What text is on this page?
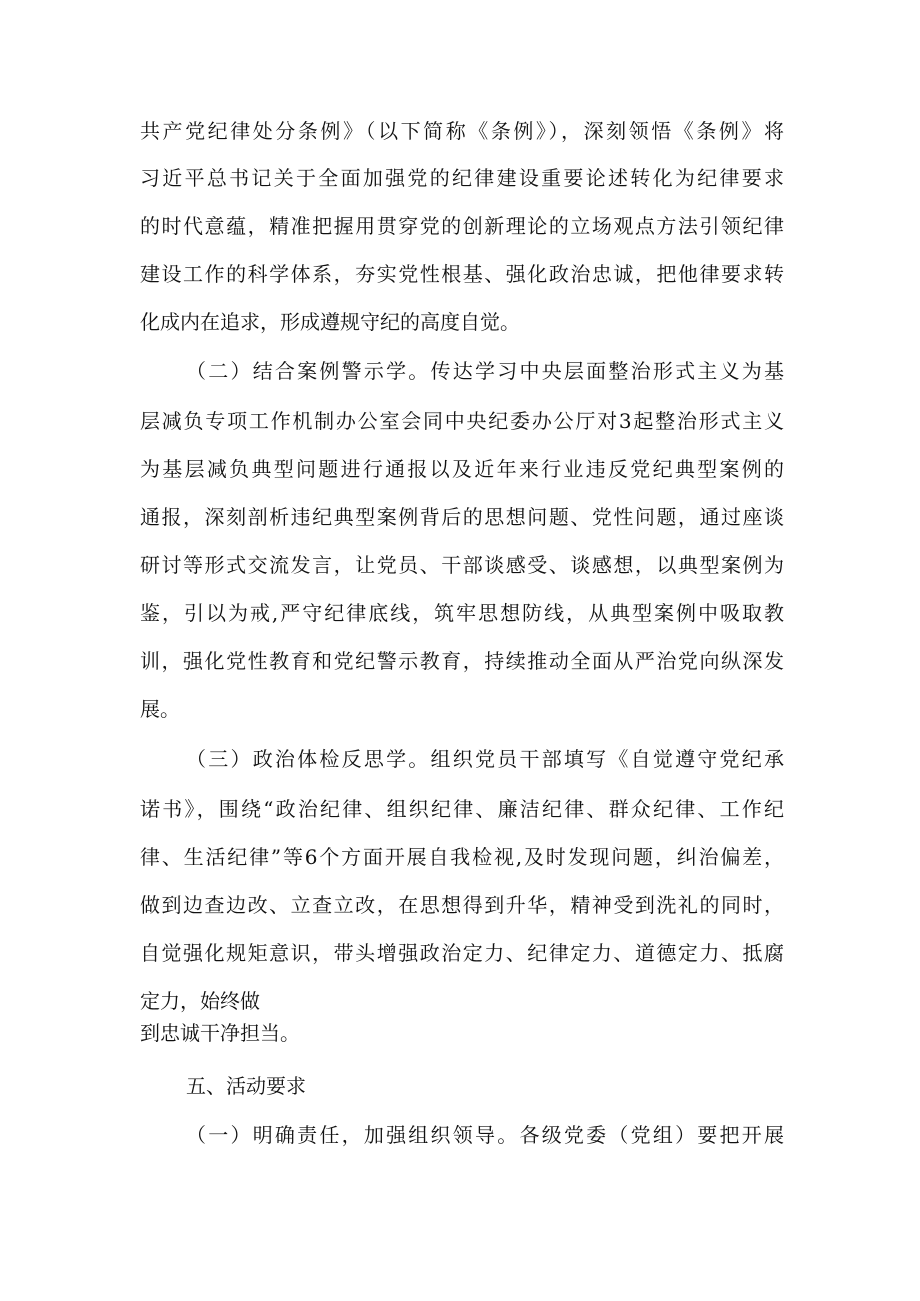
共产党纪律处分条例》（以下简称《条例》），深刻领悟《条例》将

习近平总书记关于全面加强党的纪律建设重要论述转化为纪律要求

的时代意蕴，精准把握用贯穿党的创新理论的立场观点方法引领纪律

建设工作的科学体系，夯实党性根基、强化政治忠诚，把他律要求转

化成内在追求，形成遵规守纪的高度自觉。

（二）结合案例警示学。传达学习中央层面整治形式主义为基

层减负专项工作机制办公室会同中央纪委办公厅对3起整治形式主义

为基层减负典型问题进行通报以及近年来行业违反党纪典型案例的

通报，深刻剖析违纪典型案例背后的思想问题、党性问题，通过座谈

研讨等形式交流发言，让党员、干部谈感受、谈感想，以典型案例为

鉴，引以为戒,严守纪律底线，筑牢思想防线，从典型案例中吸取教

训，强化党性教育和党纪警示教育，持续推动全面从严治党向纵深发

展。

（三）政治体检反思学。组织党员干部填写《自觉遵守党纪承

诺书》，围绕“政治纪律、组织纪律、廉洁纪律、群众纪律、工作纪

律、生活纪律”等6个方面开展自我检视,及时发现问题，纠治偏差，

做到边查边改、立查立改，在思想得到升华，精神受到洗礼的同时，

自觉强化规矩意识，带头增强政治定力、纪律定力、道德定力、抵腐

定力，始终做

到忠诚干净担当。

五、活动要求

（一）明确责任，加强组织领导。各级党委（党组）要把开展
